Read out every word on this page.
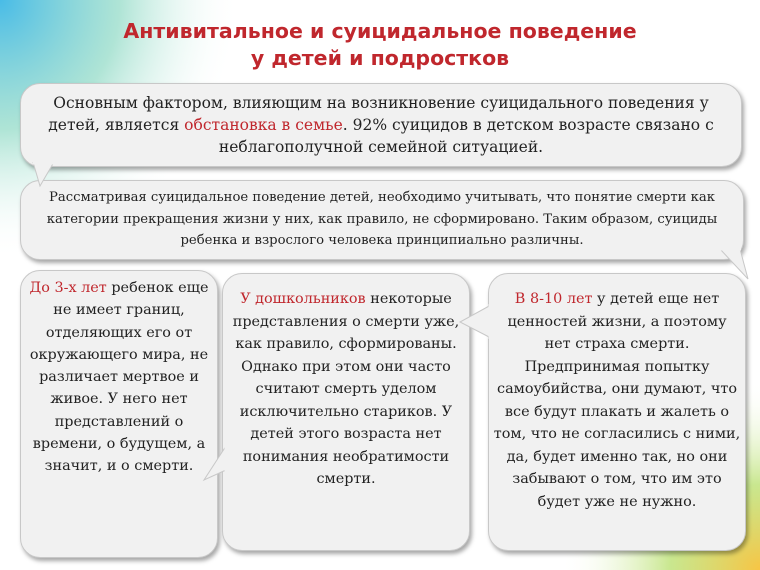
Антивитальное и суицидальное поведение
у детей и подростков
Основным фактором, влияющим на возникновение суицидального поведения у детей, является обстановка в семье. 92% суицидов в детском возрасте связано с неблагополучной семейной ситуацией.
Рассматривая суицидальное поведение детей, необходимо учитывать, что понятие смерти как категории прекращения жизни у них, как правило, не сформировано. Таким образом, суициды ребенка и взрослого человека принципиально различны.
До 3-х лет ребенок еще не имеет границ, отделяющих его от окружающего мира, не различает мертвое и живое. У него нет представлений о времени, о будущем, а значит, и о смерти.
У дошкольников некоторые представления о смерти уже, как правило, сформированы. Однако при этом они часто считают смерть уделом исключительно стариков. У детей этого возраста нет понимания необратимости смерти.
В 8-10 лет у детей еще нет ценностей жизни, а поэтому нет страха смерти. Предпринимая попытку самоубийства, они думают, что все будут плакать и жалеть о том, что не согласились с ними, да, будет именно так, но они забывают о том, что им это будет уже не нужно.
